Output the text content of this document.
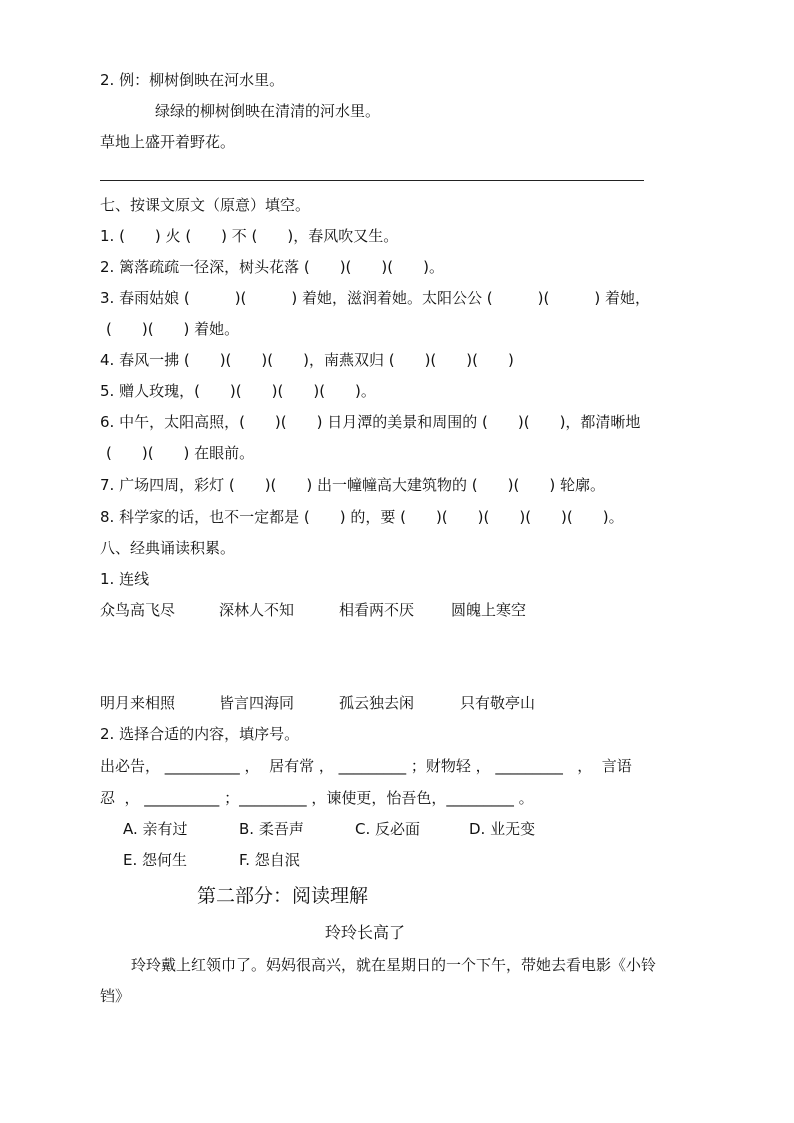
2. 例：柳树倒映在河水里。
绿绿的柳树倒映在清清的河水里。
草地上盛开着野花。
七、按课文原文（原意）填空。
1. (　　) 火 (　　) 不 (　　)，春风吹又生。
2. 篱落疏疏一径深，树头花落 (　　)(　　)(　　)。
3. 春雨姑娘 (　　　)(　　　) 着她，滋润着她。太阳公公 (　　　)(　　　) 着她，
(　　)(　　) 着她。
4. 春风一拂 (　　)(　　)(　　)，南燕双归 (　　)(　　)(　　)
5. 赠人玫瑰，(　　)(　　)(　　)(　　)。
6. 中午，太阳高照，(　　)(　　) 日月潭的美景和周围的 (　　)(　　)，都清晰地
(　　)(　　) 在眼前。
7. 广场四周，彩灯 (　　)(　　) 出一幢幢高大建筑物的 (　　)(　　) 轮廓。
8. 科学家的话，也不一定都是 (　　) 的，要 (　　)(　　)(　　)(　　)(　　)。
八、经典诵读积累。
1. 连线
众鸟高飞尽	深林人不知	相看两不厌 圆魄上寒空
明月来相照	皆言四海同	孤云独去闲	只有敬亭山
2. 选择合适的内容，填序号。
出必告， __________ ，  居有常 ， _________ ；财物轻 ， _________   ，  言语
忍  ， __________ ；_________ ，谏使更，怡吾色，_________ 。
A. 亲有过	B. 柔吾声	C. 反必面	D. 业无变
E. 怨何生	F. 怨自泯
第二部分：阅读理解
玲玲长高了
玲玲戴上红领巾了。妈妈很高兴，就在星期日的一个下午，带她去看电影《小铃
铛》
